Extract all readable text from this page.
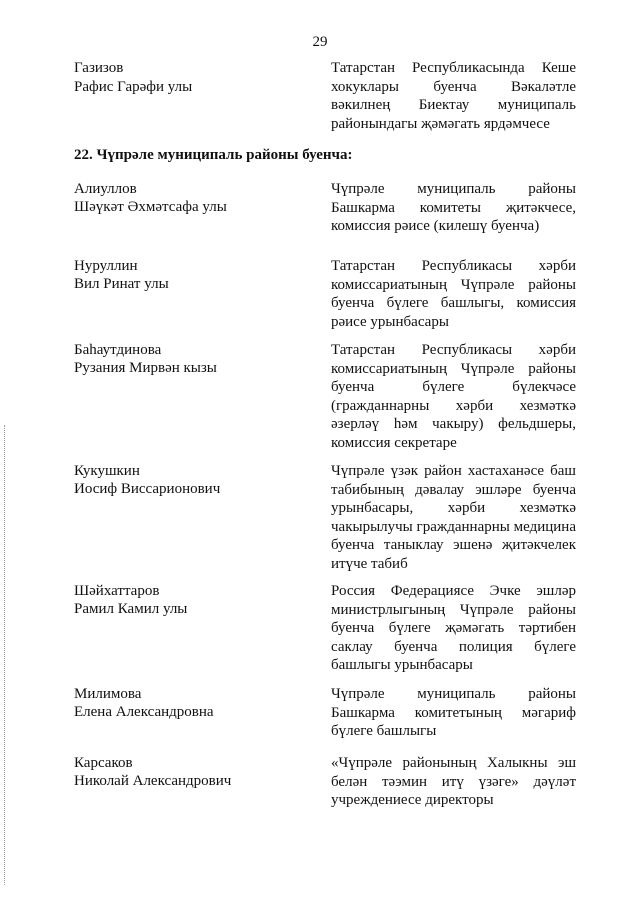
29
Газизов
Рафис Гарәфи улы
Татарстан Республикасында Кеше хокуклары буенча Вәкаләтле вәкилнең Биектау муниципаль районындагы җәмәгать ярдәмчесе
22. Чүпрәле муниципаль районы буенча:
Алиуллов
Шәүкәт Әхмәтсафа улы
Чүпрәле муниципаль районы Башкарма комитеты җитәкчесе, комиссия рәисе (килешү буенча)
Нуруллин
Вил Ринат улы
Татарстан Республикасы хәрби комиссариатының Чүпрәле районы буенча бүлеге башлыгы, комиссия рәисе урынбасары
Баһаутдинова
Рузания Мирвән кызы
Татарстан Республикасы хәрби комиссариатының Чүпрәле районы буенча бүлеге бүлекчәсе (гражданнарны хәрби хезмәткә әзерләү һәм чакыру) фельдшеры, комиссия секретаре
Кукушкин
Иосиф Виссарионович
Чүпрәле үзәк район хастаханәсе баш табибының дәвалау эшләре буенча урынбасары, хәрби хезмәткә чакырылучы гражданнарны медицина буенча таныклау эшенә җитәкчелек итүче табиб
Шәйхаттаров
Рамил Камил улы
Россия Федерациясе Эчке эшләр министрлыгының Чүпрәле районы буенча бүлеге җәмәгать тәртибен саклау буенча полиция бүлеге башлыгы урынбасары
Милимова
Елена Александровна
Чүпрәле муниципаль районы Башкарма комитетының мәгариф бүлеге башлыгы
Карсаков
Николай Александрович
«Чүпрәле районының Халыкны эш белән тәэмин итү үзәге» дәүләт учреждениесе директоры
